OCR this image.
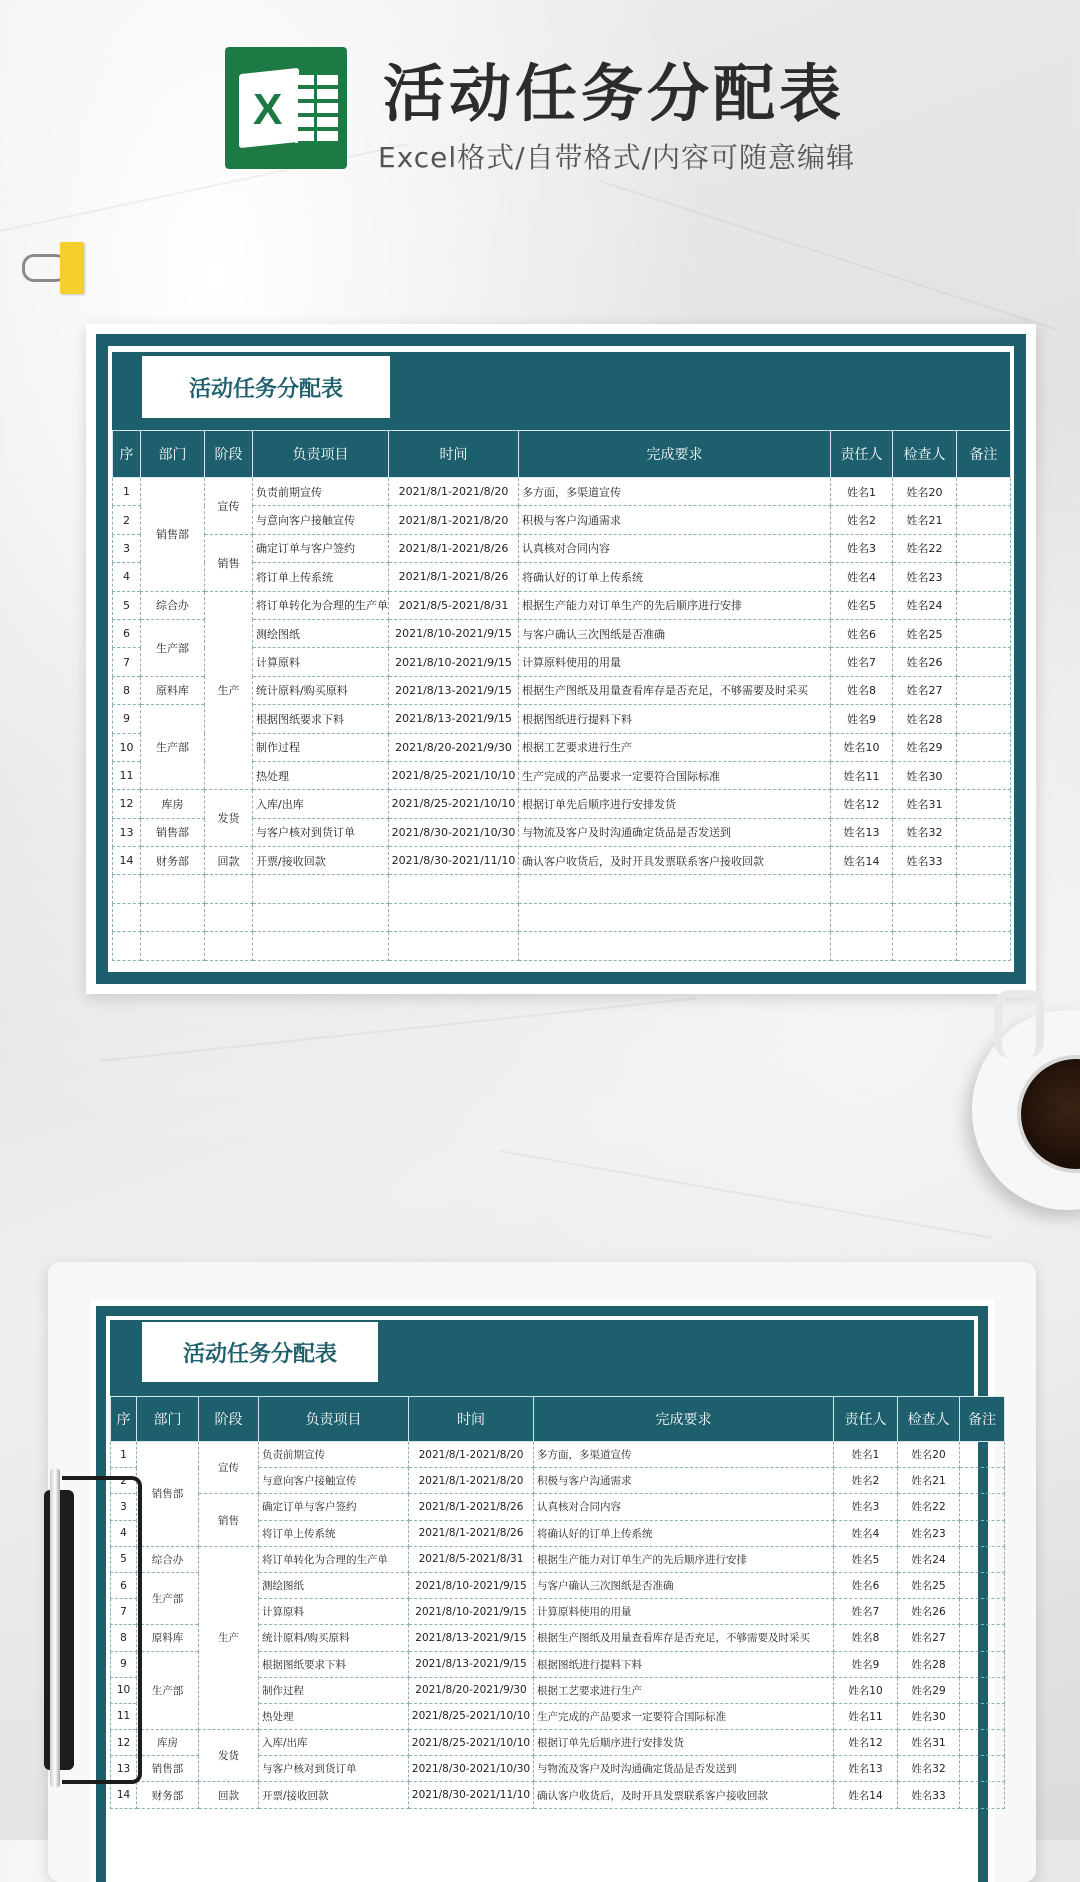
X 活动任务分配表
Excel格式/自带格式/内容可随意编辑
活动任务分配表
序	部门	阶段	负责项目	时间	完成要求	责任人	检查人	备注
1	销售部	宣传	负责前期宣传	2021/8/1-2021/8/20	多方面，多渠道宣传	姓名1	姓名20	
2			与意向客户接触宣传	2021/8/1-2021/8/20	积极与客户沟通需求	姓名2	姓名21	
3		销售	确定订单与客户签约	2021/8/1-2021/8/26	认真核对合同内容	姓名3	姓名22	
4			将订单上传系统	2021/8/1-2021/8/26	将确认好的订单上传系统	姓名4	姓名23	
5	综合办	生产	将订单转化为合理的生产单	2021/8/5-2021/8/31	根据生产能力对订单生产的先后顺序进行安排	姓名5	姓名24	
6	生产部		测绘图纸	2021/8/10-2021/9/15	与客户确认三次图纸是否准确	姓名6	姓名25	
7			计算原料	2021/8/10-2021/9/15	计算原料使用的用量	姓名7	姓名26	
8	原料库		统计原料/购买原料	2021/8/13-2021/9/15	根据生产图纸及用量查看库存是否充足，不够需要及时采买	姓名8	姓名27	
9	生产部		根据图纸要求下料	2021/8/13-2021/9/15	根据图纸进行提料下料	姓名9	姓名28	
10			制作过程	2021/8/20-2021/9/30	根据工艺要求进行生产	姓名10	姓名29	
11			热处理	2021/8/25-2021/10/10	生产完成的产品要求一定要符合国际标准	姓名11	姓名30	
12	库房	发货	入库/出库	2021/8/25-2021/10/10	根据订单先后顺序进行安排发货	姓名12	姓名31	
13	销售部		与客户核对到货订单	2021/8/30-2021/10/30	与物流及客户及时沟通确定货品是否发送到	姓名13	姓名32	
14	财务部	回款	开票/接收回款	2021/8/30-2021/11/10	确认客户收货后，及时开具发票联系客户接收回款	姓名14	姓名33	

活动任务分配表
序	部门	阶段	负责项目	时间	完成要求	责任人	检查人	备注
1	销售部	宣传	负责前期宣传	2021/8/1-2021/8/20	多方面，多渠道宣传	姓名1	姓名20	
2			与意向客户接触宣传	2021/8/1-2021/8/20	积极与客户沟通需求	姓名2	姓名21	
3		销售	确定订单与客户签约	2021/8/1-2021/8/26	认真核对合同内容	姓名3	姓名22	
4			将订单上传系统	2021/8/1-2021/8/26	将确认好的订单上传系统	姓名4	姓名23	
5	综合办	生产	将订单转化为合理的生产单	2021/8/5-2021/8/31	根据生产能力对订单生产的先后顺序进行安排	姓名5	姓名24	
6	生产部		测绘图纸	2021/8/10-2021/9/15	与客户确认三次图纸是否准确	姓名6	姓名25	
7			计算原料	2021/8/10-2021/9/15	计算原料使用的用量	姓名7	姓名26	
8	原料库		统计原料/购买原料	2021/8/13-2021/9/15	根据生产图纸及用量查看库存是否充足，不够需要及时采买	姓名8	姓名27	
9	生产部		根据图纸要求下料	2021/8/13-2021/9/15	根据图纸进行提料下料	姓名9	姓名28	
10			制作过程	2021/8/20-2021/9/30	根据工艺要求进行生产	姓名10	姓名29	
11			热处理	2021/8/25-2021/10/10	生产完成的产品要求一定要符合国际标准	姓名11	姓名30	
12	库房	发货	入库/出库	2021/8/25-2021/10/10	根据订单先后顺序进行安排发货	姓名12	姓名31	
13	销售部		与客户核对到货订单	2021/8/30-2021/10/30	与物流及客户及时沟通确定货品是否发送到	姓名13	姓名32	
14	财务部	回款	开票/接收回款	2021/8/30-2021/11/10	确认客户收货后，及时开具发票联系客户接收回款	姓名14	姓名33	
